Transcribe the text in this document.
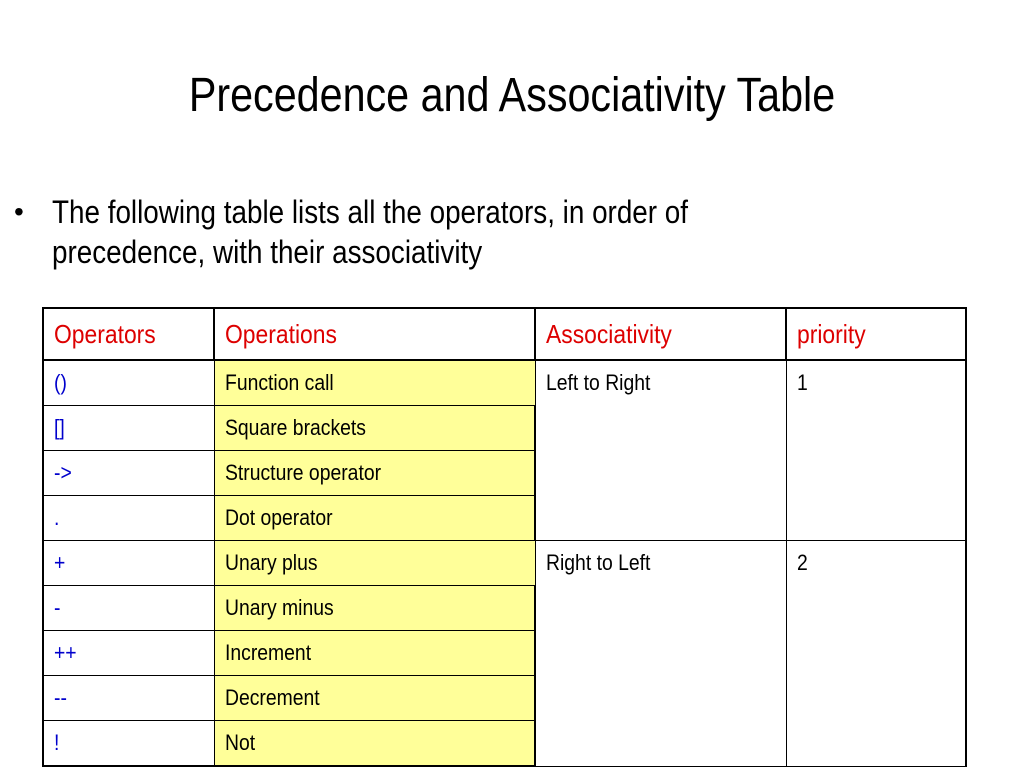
Precedence and Associativity Table
• The following table lists all the operators, in order of
precedence, with their associativity
Operators	Operations	Associativity	priority
()	Function call	Left to Right	1
[]	Square brackets		
->	Structure operator		
.	Dot operator		
+	Unary plus	Right to Left	2
-	Unary minus		
++	Increment		
--	Decrement		
!	Not		
